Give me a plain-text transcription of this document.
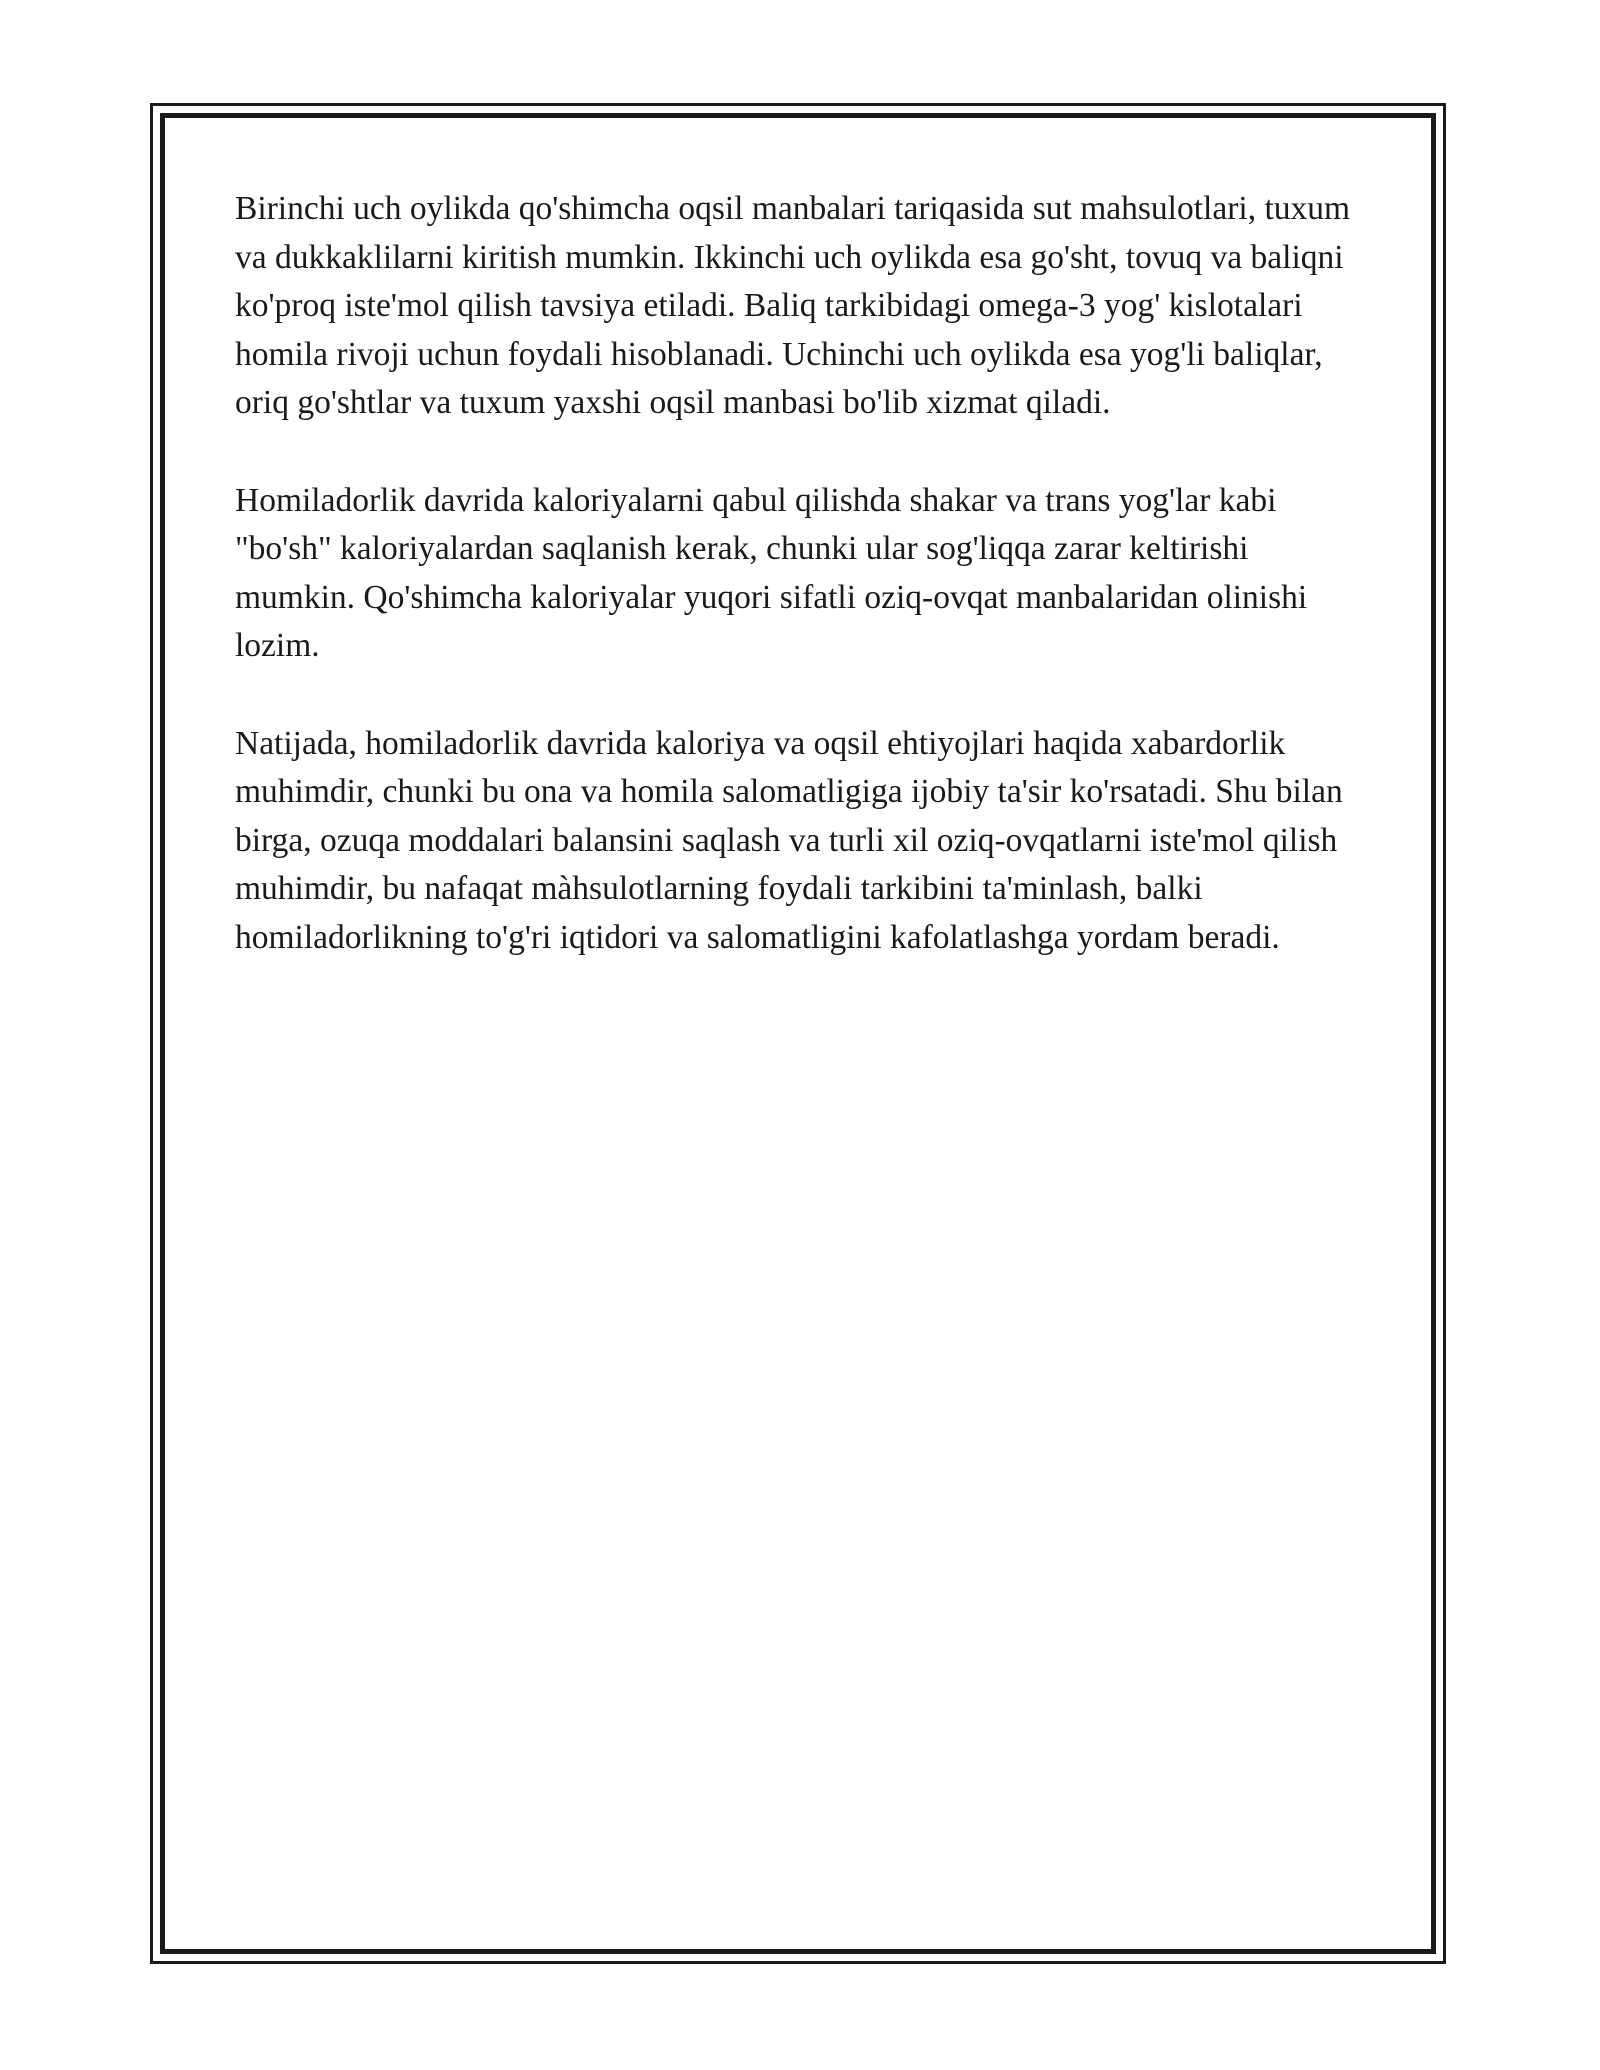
Birinchi uch oylikda qo'shimcha oqsil manbalari tariqasida sut mahsulotlari, tuxum va dukkaklilarni kiritish mumkin. Ikkinchi uch oylikda esa go'sht, tovuq va baliqni ko'proq iste'mol qilish tavsiya etiladi. Baliq tarkibidagi omega-3 yog' kislotalari homila rivoji uchun foydali hisoblanadi. Uchinchi uch oylikda esa yog'li baliqlar, oriq go'shtlar va tuxum yaxshi oqsil manbasi bo'lib xizmat qiladi.

Homiladorlik davrida kaloriyalarni qabul qilishda shakar va trans yog'lar kabi "bo'sh" kaloriyalardan saqlanish kerak, chunki ular sog'liqqa zarar keltirishi mumkin. Qo'shimcha kaloriyalar yuqori sifatli oziq-ovqat manbalaridan olinishi lozim.

Natijada, homiladorlik davrida kaloriya va oqsil ehtiyojlari haqida xabardorlik muhimdir, chunki bu ona va homila salomatligiga ijobiy ta'sir ko'rsatadi. Shu bilan birga, ozuqa moddalari balansini saqlash va turli xil oziq-ovqatlarni iste'mol qilish muhimdir, bu nafaqat màhsulotlarning foydali tarkibini ta'minlash, balki homiladorlikning to'g'ri iqtidori va salomatligini kafolatlashga yordam beradi.
